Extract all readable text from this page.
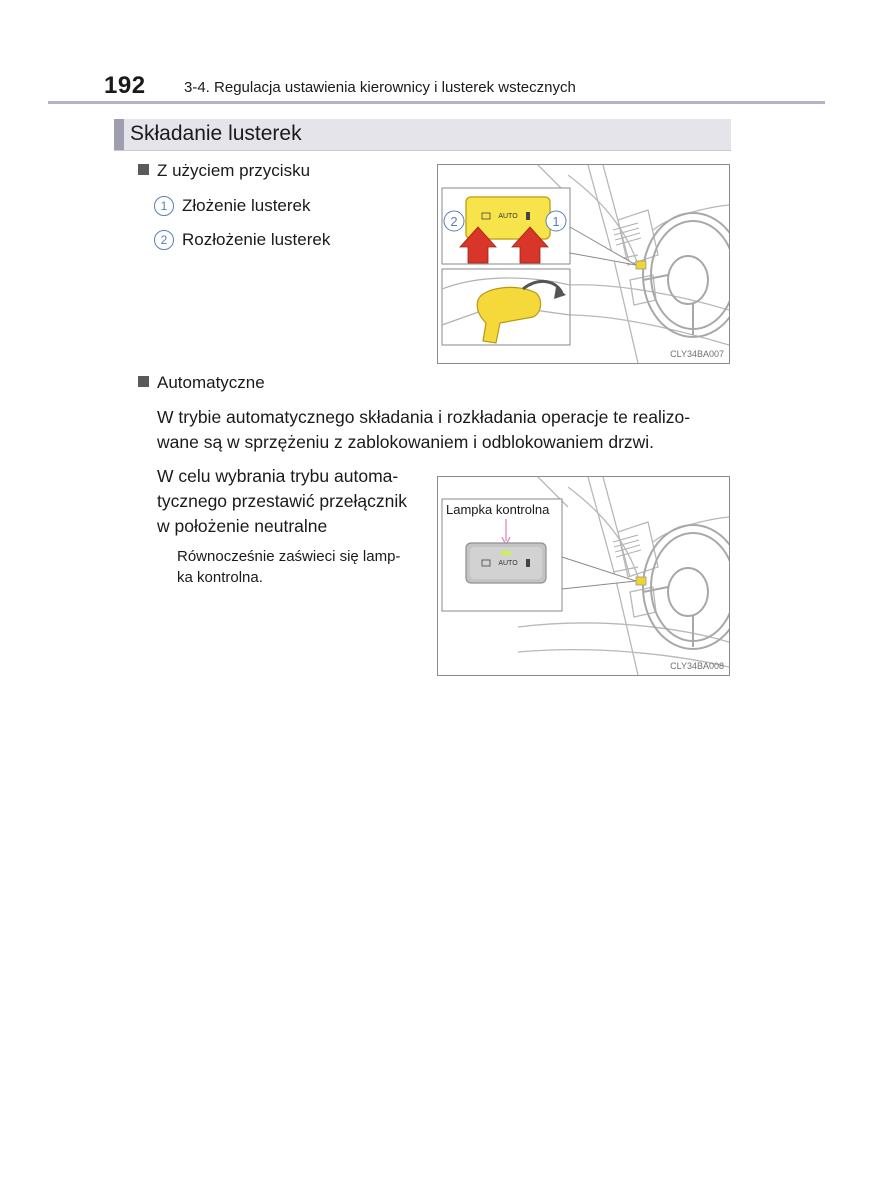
192	3-4. Regulacja ustawienia kierownicy i lusterek wstecznych
Składanie lusterek
Z użyciem przycisku
1 Złożenie lusterek
2 Rozłożenie lusterek
AUTO
2	1
CLY34BA007
Automatyczne
W trybie automatycznego składania i rozkładania operacje te realizo-
wane są w sprzężeniu z zablokowaniem i odblokowaniem drzwi.
W celu wybrania trybu automa-
tycznego przestawić przełącznik
w położenie neutralne
Równocześnie zaświeci się lamp-
ka kontrolna.
AUTO
Lampka kontrolna
CLY34BA008
